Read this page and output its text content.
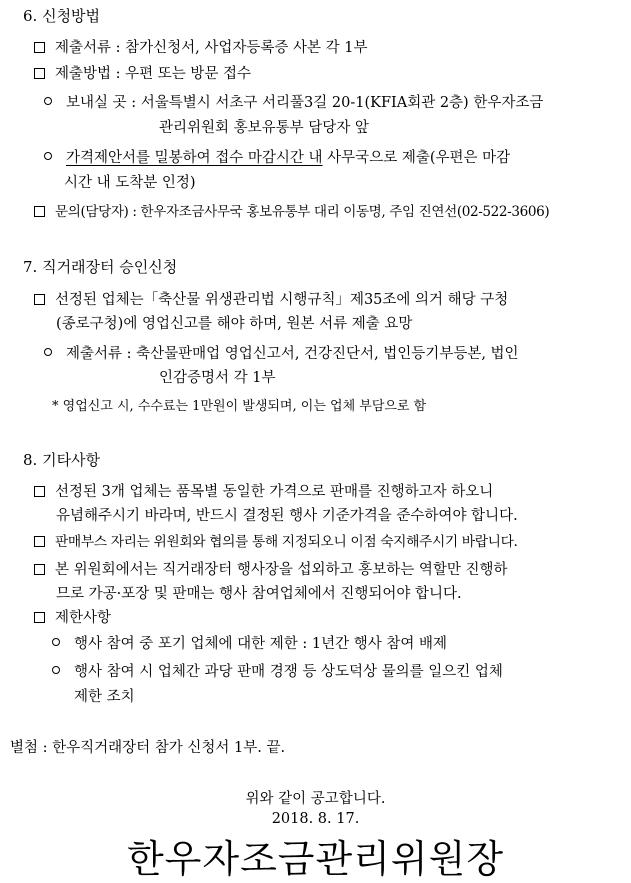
6. 신청방법
제출서류 : 참가신청서, 사업자등록증 사본 각 1부
제출방법 : 우편 또는 방문 접수
보내실 곳 : 서울특별시 서초구 서리풀3길 20-1(KFIA회관 2층) 한우자조금
관리위원회 홍보유통부 담당자 앞
가격제안서를 밀봉하여 접수 마감시간 내 사무국으로 제출(우편은 마감
시간 내 도착분 인정)
문의(담당자) : 한우자조금사무국 홍보유통부 대리 이동명, 주임 진연선(02-522-3606)
7. 직거래장터 승인신청
선정된 업체는「축산물 위생관리법 시행규칙」제35조에 의거 해당 구청
(종로구청)에 영업신고를 해야 하며, 원본 서류 제출 요망
제출서류 : 축산물판매업 영업신고서, 건강진단서, 법인등기부등본, 법인
인감증명서 각 1부
* 영업신고 시, 수수료는 1만원이 발생되며, 이는 업체 부담으로 함
8. 기타사항
선정된 3개 업체는 품목별 동일한 가격으로 판매를 진행하고자 하오니
유념해주시기 바라며, 반드시 결정된 행사 기준가격을 준수하여야 합니다.
판매부스 자리는 위원회와 협의를 통해 지정되오니 이점 숙지해주시기 바랍니다.
본 위원회에서는 직거래장터 행사장을 섭외하고 홍보하는 역할만 진행하
므로 가공·포장 및 판매는 행사 참여업체에서 진행되어야 합니다.
제한사항
행사 참여 중 포기 업체에 대한 제한 : 1년간 행사 참여 배제
행사 참여 시 업체간 과당 판매 경쟁 등 상도덕상 물의를 일으킨 업체
제한 조치
별첨 : 한우직거래장터 참가 신청서 1부. 끝.
위와 같이 공고합니다.
2018. 8. 17.
한우자조금관리위원장
